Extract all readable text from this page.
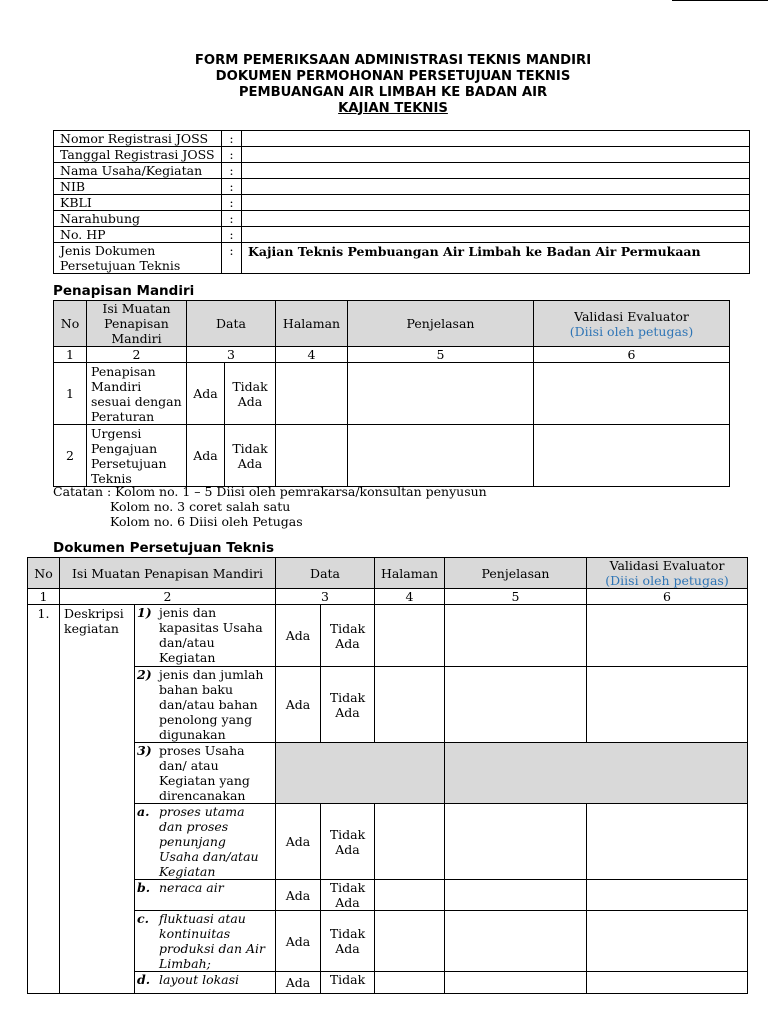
FORM PEMERIKSAAN ADMINISTRASI TEKNIS MANDIRI
DOKUMEN PERMOHONAN PERSETUJUAN TEKNIS
PEMBUANGAN AIR LIMBAH KE BADAN AIR
KAJIAN TEKNIS
Nomor Registrasi JOSS	:	
Tanggal Registrasi JOSS	:	
Nama Usaha/Kegiatan	:	
NIB	:	
KBLI	:	
Narahubung	:	
No. HP	:	
Jenis Dokumen Persetujuan Teknis	:	Kajian Teknis Pembuangan Air Limbah ke Badan Air Permukaan
Penapisan Mandiri
No	Isi Muatan Penapisan Mandiri	Data		Halaman	Penjelasan	Validasi Evaluator
(Diisi oleh petugas)

1	2	3		4	5	6
1	Penapisan Mandiri sesuai dengan Peraturan	Ada	Tidak Ada			
2	Urgensi Pengajuan Persetujuan Teknis	Ada	Tidak Ada			
Catatan : Kolom no. 1 – 5 Diisi oleh pemrakarsa/konsultan penyusun
Kolom no. 3 coret salah satu
Kolom no. 6 Diisi oleh Petugas
Dokumen Persetujuan Teknis
No	Isi Muatan Penapisan Mandiri		Data		Halaman	Penjelasan	Validasi Evaluator
(Diisi oleh petugas)

1	2		3		4	5	6
1.	Deskripsi kegiatan	1) jenis dan kapasitas Usaha dan/atau Kegiatan	Ada	Tidak Ada			
		2) jenis dan jumlah bahan baku dan/atau bahan penolong yang digunakan	Ada	Tidak Ada			
		3) proses Usaha dan/ atau Kegiatan yang direncanakan					
		a. proses utama dan proses penunjang Usaha dan/atau Kegiatan	Ada	Tidak Ada			
		b. neraca air	Ada	Tidak Ada			
		c. fluktuasi atau kontinuitas produksi dan Air Limbah;	Ada	Tidak Ada			
		d. layout lokasi	Ada	Tidak			
